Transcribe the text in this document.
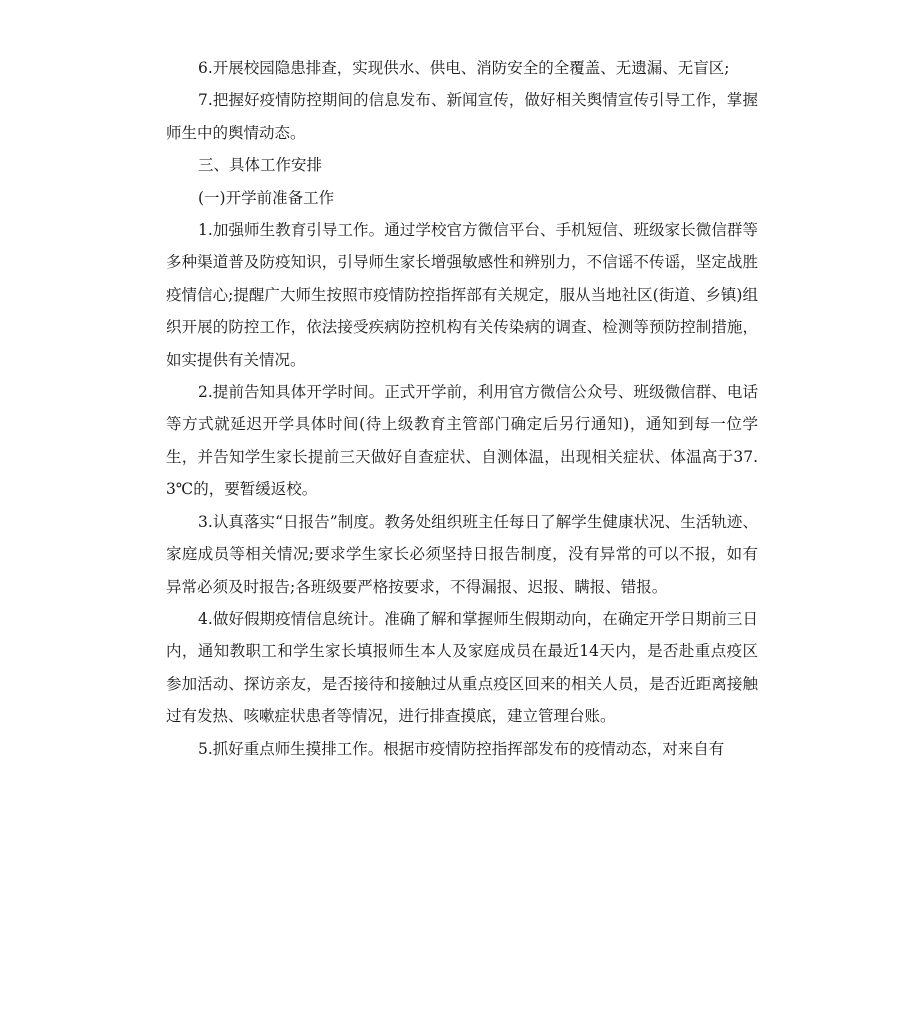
6.开展校园隐患排查，实现供水、供电、消防安全的全覆盖、无遗漏、无盲区;

7.把握好疫情防控期间的信息发布、新闻宣传，做好相关舆情宣传引导工作，掌握师生中的舆情动态。

三、具体工作安排

(一)开学前准备工作

1.加强师生教育引导工作。通过学校官方微信平台、手机短信、班级家长微信群等多种渠道普及防疫知识，引导师生家长增强敏感性和辨别力，不信谣不传谣，坚定战胜疫情信心;提醒广大师生按照市疫情防控指挥部有关规定，服从当地社区(街道、乡镇)组织开展的防控工作，依法接受疾病防控机构有关传染病的调查、检测等预防控制措施，如实提供有关情况。

2.提前告知具体开学时间。正式开学前，利用官方微信公众号、班级微信群、电话等方式就延迟开学具体时间(待上级教育主管部门确定后另行通知)，通知到每一位学生，并告知学生家长提前三天做好自查症状、自测体温，出现相关症状、体温高于37.3℃的，要暂缓返校。

3.认真落实“日报告”制度。教务处组织班主任每日了解学生健康状况、生活轨迹、家庭成员等相关情况;要求学生家长必须坚持日报告制度，没有异常的可以不报，如有异常必须及时报告;各班级要严格按要求，不得漏报、迟报、瞒报、错报。

4.做好假期疫情信息统计。准确了解和掌握师生假期动向，在确定开学日期前三日内，通知教职工和学生家长填报师生本人及家庭成员在最近14天内，是否赴重点疫区参加活动、探访亲友，是否接待和接触过从重点疫区回来的相关人员，是否近距离接触过有发热、咳嗽症状患者等情况，进行排查摸底，建立管理台账。

5.抓好重点师生摸排工作。根据市疫情防控指挥部发布的疫情动态，对来自有
